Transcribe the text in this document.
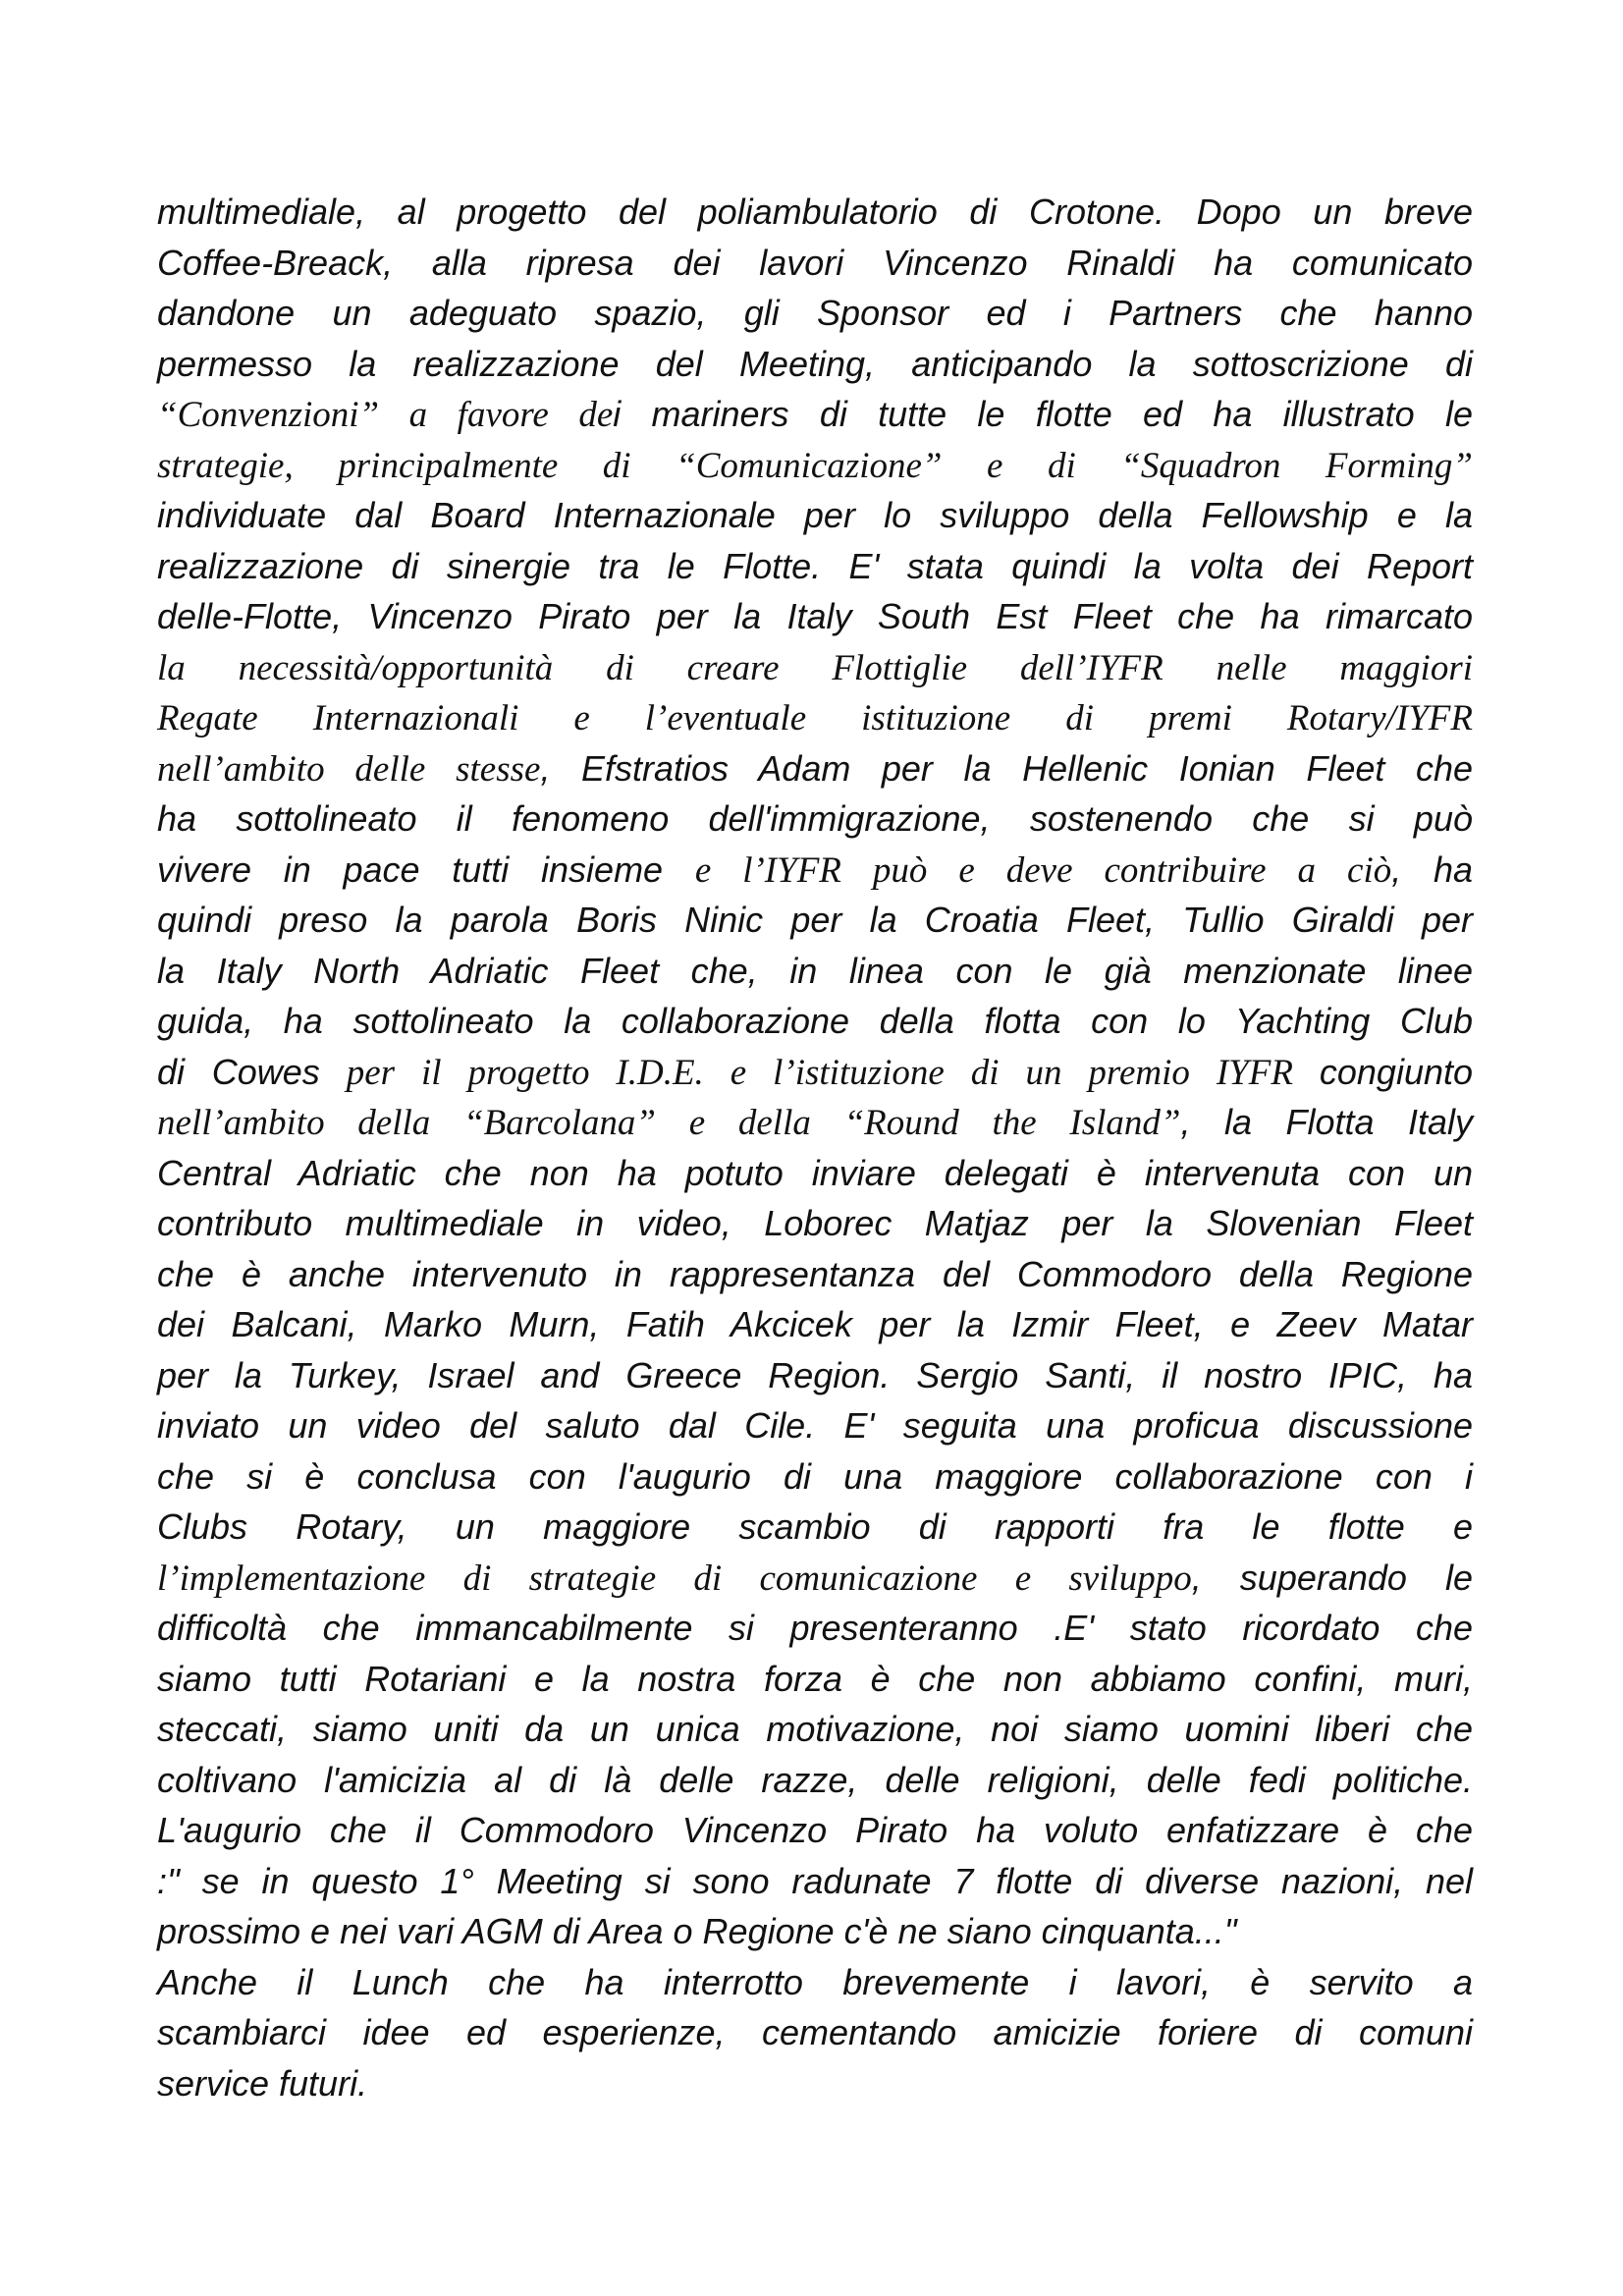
multimediale, al progetto del poliambulatorio di Crotone. Dopo un breve
Coffee-Breack, alla ripresa dei lavori Vincenzo Rinaldi ha comunicato
dandone un adeguato spazio, gli Sponsor ed i Partners che hanno
permesso la realizzazione del Meeting, anticipando la sottoscrizione di
“Convenzioni” a favore dei mariners di tutte le flotte ed ha illustrato le
strategie, principalmente di “Comunicazione” e di “Squadron Forming”
individuate dal Board Internazionale per lo sviluppo della Fellowship e la
realizzazione di sinergie tra le Flotte. E' stata quindi la volta dei Report
delle-Flotte, Vincenzo Pirato per la Italy South Est Fleet che ha rimarcato
la necessità/opportunità di creare Flottiglie dell’IYFR nelle maggiori
Regate Internazionali e l’eventuale istituzione di premi Rotary/IYFR
nell’ambito delle stesse, Efstratios Adam per la Hellenic Ionian Fleet che
ha sottolineato il fenomeno dell'immigrazione, sostenendo che si può
vivere in pace tutti insieme e l’IYFR può e deve contribuire a ciò, ha
quindi preso la parola Boris Ninic per la Croatia Fleet, Tullio Giraldi per
la Italy North Adriatic Fleet che, in linea con le già menzionate linee
guida, ha sottolineato la collaborazione della flotta con lo Yachting Club
di Cowes per il progetto I.D.E. e l’istituzione di un premio IYFR congiunto
nell’ambito della “Barcolana” e della “Round the Island”, la Flotta Italy
Central Adriatic che non ha potuto inviare delegati è intervenuta con un
contributo multimediale in video, Loborec Matjaz per la Slovenian Fleet
che è anche intervenuto in rappresentanza del Commodoro della Regione
dei Balcani, Marko Murn, Fatih Akcicek per la Izmir Fleet, e Zeev Matar
per la Turkey, Israel and Greece Region. Sergio Santi, il nostro IPIC, ha
inviato un video del saluto dal Cile. E' seguita una proficua discussione
che si è conclusa con l'augurio di una maggiore collaborazione con i
Clubs Rotary, un maggiore scambio di rapporti fra le flotte e
l’implementazione di strategie di comunicazione e sviluppo, superando le
difficoltà che immancabilmente si presenteranno .E' stato ricordato che
siamo tutti Rotariani e la nostra forza è che non abbiamo confini, muri,
steccati, siamo uniti da un unica motivazione, noi siamo uomini liberi che
coltivano l'amicizia al di là delle razze, delle religioni, delle fedi politiche.
L'augurio che il Commodoro Vincenzo Pirato ha voluto enfatizzare è che
:" se in questo 1° Meeting si sono radunate 7 flotte di diverse nazioni, nel
prossimo e nei vari AGM di Area o Regione c'è ne siano cinquanta..."
Anche il Lunch che ha interrotto brevemente i lavori, è servito a
scambiarci idee ed esperienze, cementando amicizie foriere di comuni
service futuri.
